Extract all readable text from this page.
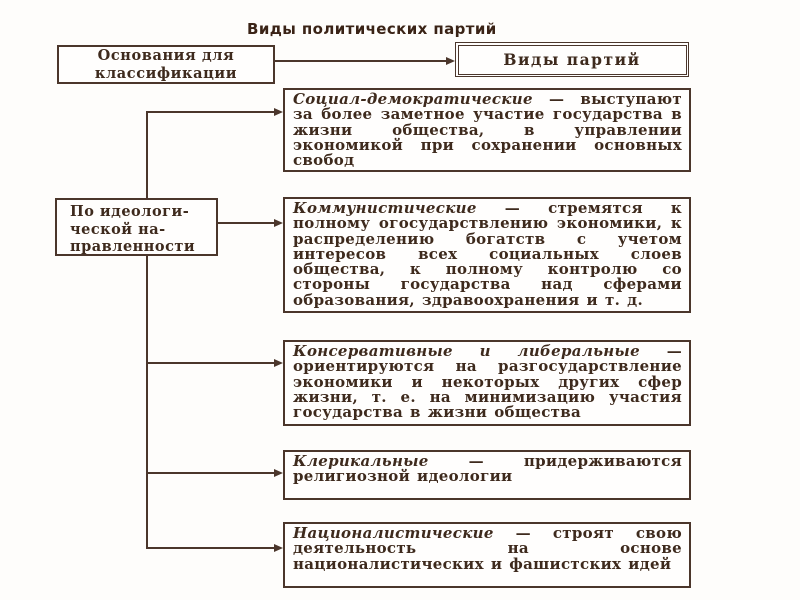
Виды политических партий
Основания для классификации
Виды партий
По идеологи-
ческой на-
правленности
Социал-демократические — выступают за более заметное участие государства в жизни общества, в управлении экономикой при сохранении основных свобод
Коммунистические — стремятся к полному огосударствлению экономики, к распределению богатств с учетом интересов всех социальных слоев общества, к полному контролю со стороны государства над сферами образования, здравоохранения и т. д.
Консервативные и либеральные — ориентируются на разгосударствление экономики и некоторых других сфер жизни, т. е. на минимизацию участия государства в жизни общества
Клерикальные	—	придерживаются религиозной идеологии
Националистические — строят свою деятельность на основе националистических и фашистских идей
